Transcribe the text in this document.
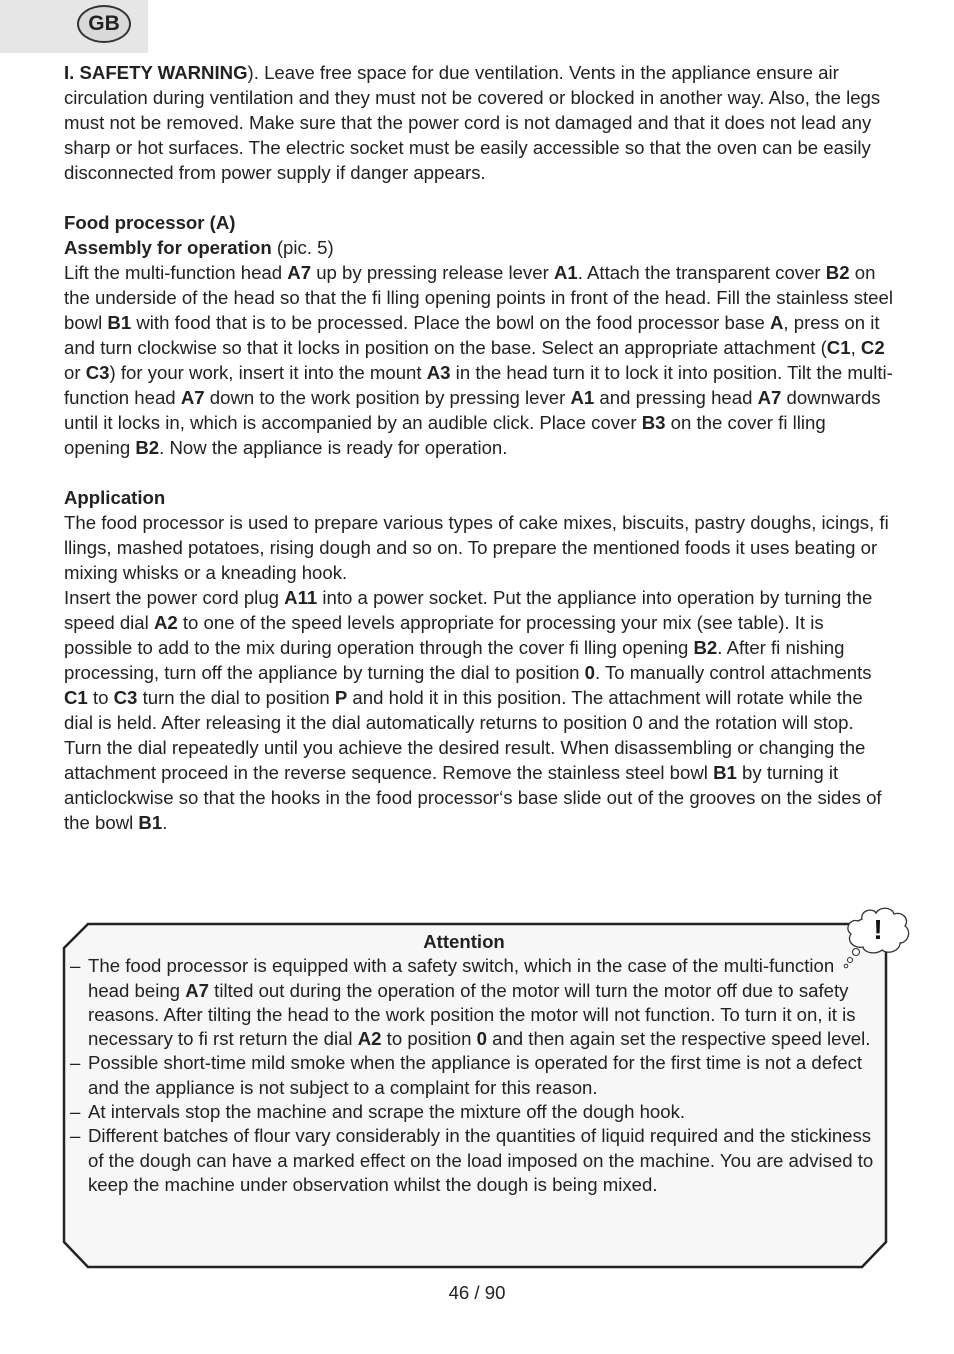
GB

I. SAFETY WARNING). Leave free space for due ventilation. Vents in the appliance ensure air circulation during ventilation and they must not be covered or blocked in another way. Also, the legs must not be removed. Make sure that the power cord is not damaged and that it does not lead any sharp or hot surfaces. The electric socket must be easily accessible so that the oven can be easily disconnected from power supply if danger appears.

Food processor (A)

Assembly for operation (pic. 5)

Lift the multi-function head A7 up by pressing release lever A1. Attach the transparent cover B2 on the underside of the head so that the fi lling opening points in front of the head. Fill the stainless steel bowl B1 with food that is to be processed. Place the bowl on the food processor base A, press on it and turn clockwise so that it locks in position on the base. Select an appropriate attachment (C1, C2 or C3) for your work, insert it into the mount A3 in the head turn it to lock it into position. Tilt the multi-function head A7 down to the work position by pressing lever A1 and pressing head A7 downwards until it locks in, which is accompanied by an audible click. Place cover B3 on the cover fi lling opening B2. Now the appliance is ready for operation.

Application

The food processor is used to prepare various types of cake mixes, biscuits, pastry doughs, icings, fi llings, mashed potatoes, rising dough and so on. To prepare the mentioned foods it uses beating or mixing whisks or a kneading hook.

Insert the power cord plug A11 into a power socket. Put the appliance into operation by turning the speed dial A2 to one of the speed levels appropriate for processing your mix (see table). It is possible to add to the mix during operation through the cover fi lling opening B2. After fi nishing processing, turn off the appliance by turning the dial to position 0. To manually control attachments C1 to C3 turn the dial to position P and hold it in this position. The attachment will rotate while the dial is held. After releasing it the dial automatically returns to position 0 and the rotation will stop. Turn the dial repeatedly until you achieve the desired result. When disassembling or changing the attachment proceed in the reverse sequence. Remove the stainless steel bowl B1 by turning it anticlockwise so that the hooks in the food processor‘s base slide out of the grooves on the sides of the bowl B1.

Attention
– The food processor is equipped with a safety switch, which in the case of the multi-function head being A7 tilted out during the operation of the motor will turn the motor off due to safety reasons. After tilting the head to the work position the motor will not function. To turn it on, it is necessary to fi rst return the dial A2 to position 0 and then again set the respective speed level.
– Possible short-time mild smoke when the appliance is operated for the first time is not a defect and the appliance is not subject to a complaint for this reason.
– At intervals stop the machine and scrape the mixture off the dough hook.
– Different batches of flour vary considerably in the quantities of liquid required and the stickiness of the dough can have a marked effect on the load imposed on the machine. You are advised to keep the machine under observation whilst the dough is being mixed.
!
46 / 90
